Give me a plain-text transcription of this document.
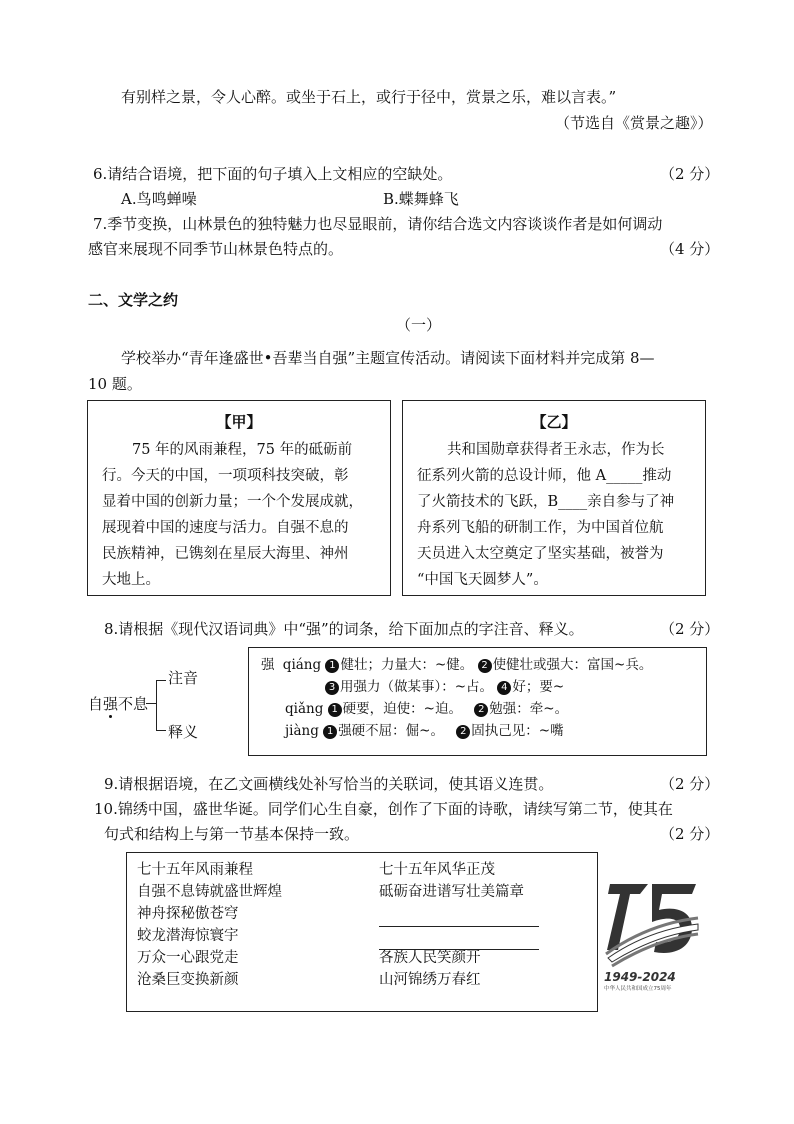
有别样之景，令人心醉。或坐于石上，或行于径中，赏景之乐，难以言表。”
（节选自《赏景之趣》）
6.请结合语境，把下面的句子填入上文相应的空缺处。	（2 分）
A.鸟鸣蝉噪	B.蝶舞蜂飞
7.季节变换，山林景色的独特魅力也尽显眼前，请你结合选文内容谈谈作者是如何调动
感官来展现不同季节山林景色特点的。	（4 分）
二、文学之约
（一）
学校举办“青年逢盛世•吾辈当自强”主题宣传活动。请阅读下面材料并完成第 8—
10 题。
【甲】
75 年的风雨兼程，75 年的砥砺前
行。今天的中国，一项项科技突破，彰
显着中国的创新力量；一个个发展成就，
展现着中国的速度与活力。自强不息的
民族精神，已镌刻在星辰大海里、神州
大地上。
【乙】
共和国勋章获得者王永志，作为长
征系列火箭的总设计师，他 A_____推动
了火箭技术的飞跃，B____亲自参与了神
舟系列飞船的研制工作，为中国首位航
天员进入太空奠定了坚实基础，被誉为
“中国飞天圆梦人”。
8.请根据《现代汉语词典》中“强”的词条，给下面加点的字注音、释义。	（2 分）
自强不息
注音
释义
强 qiáng 1 健壮；力量大：~健。 2 使健壮或强大：富国~兵。
3 用强力（做某事）：~占。 4 好；要~
qiǎng 1 硬要，迫使：~迫。 2 勉强：牵~。
jiàng 1 强硬不屈：倔~。 2 固执己见：~嘴
9.请根据语境，在乙文画横线处补写恰当的关联词，使其语义连贯。	（2 分）
10.锦绣中国，盛世华诞。同学们心生自豪，创作了下面的诗歌，请续写第二节，使其在
句式和结构上与第一节基本保持一致。	（2 分）
七十五年风雨兼程
自强不息铸就盛世辉煌
神舟探秘傲苍穹
蛟龙潜海惊寰宇
万众一心跟党走
沧桑巨变换新颜
七十五年风华正茂
砥砺奋进谱写壮美篇章
各族人民笑颜开
山河锦绣万春红	1949-2024
中华人民共和国成立75周年
